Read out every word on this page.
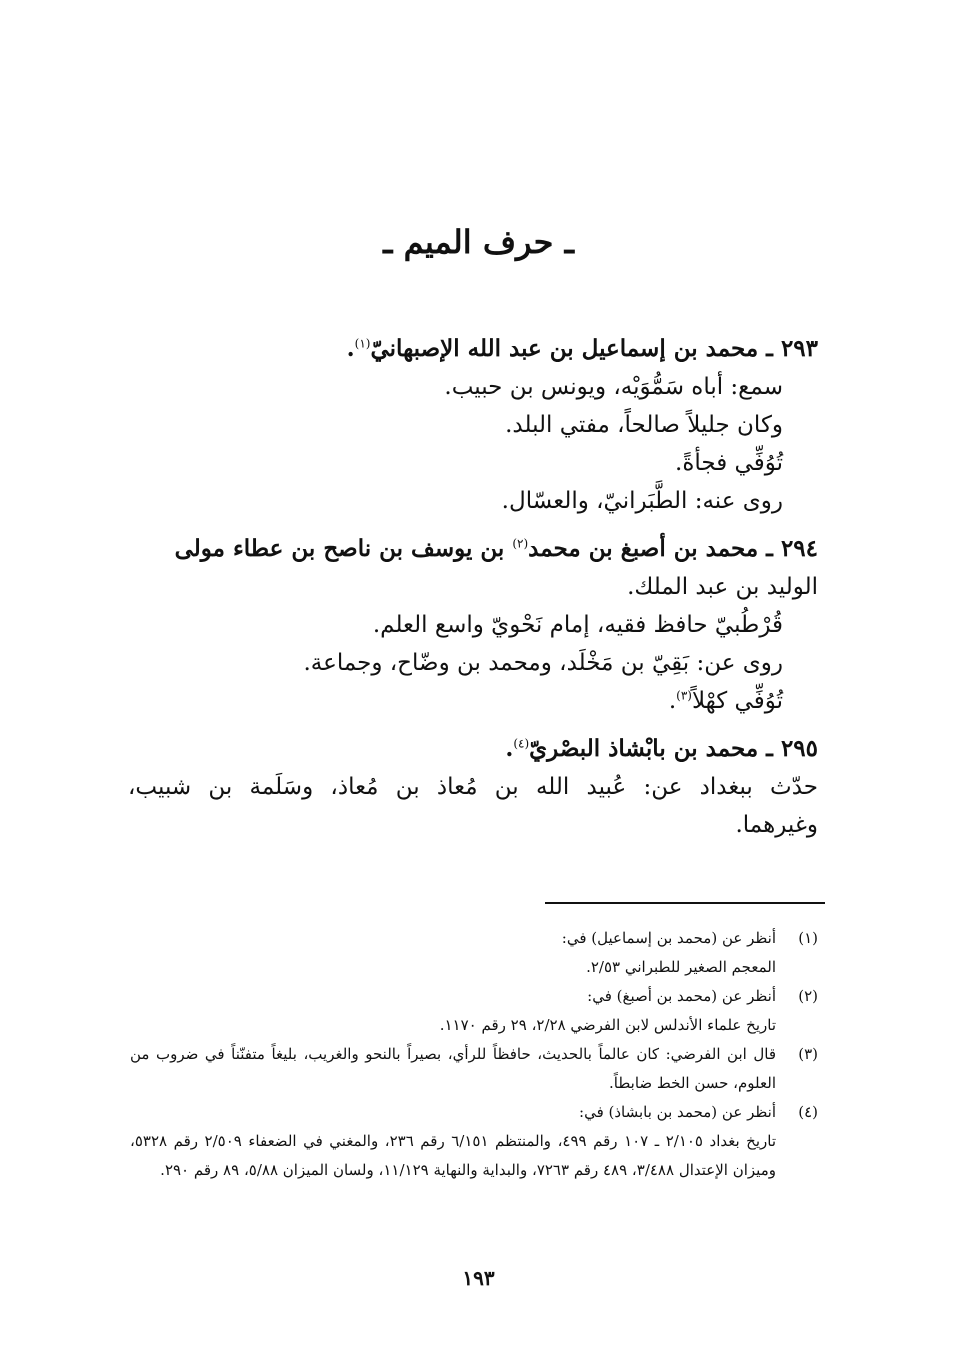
ـ حرف الميم ـ
٢٩٣ ـ محمد بن إسماعيل بن عبد الله الإصبهانيّ$^{(١)}$.
سمع: أباه سَمُّوَيْه، ويونس بن حبيب.
وكان جليلاً صالحاً، مفتي البلد.
تُوُفِّي فجأةً.
روى عنه: الطَّبَرانيّ، والعسّال.
٢٩٤ ـ محمد بن أصبغ بن محمد$^{(٢)}$ بن يوسف بن ناصح بن عطاء مولى
الوليد بن عبد الملك.
قُرْطُبيّ حافظ فقيه، إمام نَحْويّ واسع العلم.
روى عن: بَقِيّ بن مَخْلَد، ومحمد بن وضّاح، وجماعة.
تُوُفِّي كهْلاً$^{(٣)}$.
٢٩٥ ـ محمد بن بابْشاذ البصْريّ$^{(٤)}$.
حدّث ببغداد عن: عُبيد الله بن مُعاذ بن مُعاذ، وسَلَمة بن شبيب،
وغيرهما.
(١)
أنظر عن (محمد بن إسماعيل) في:
المعجم الصغير للطبراني ٢/٥٣.
(٢)
أنظر عن (محمد بن أصبغ) في:
تاريخ علماء الأندلس لابن الفرضي ٢/٢٨، ٢٩ رقم ١١٧٠.
(٣)
قال ابن الفرضي: كان عالماً بالحديث، حافظاً للرأي، بصيراً بالنحو والغريب، بليغاً متفنّناً في ضروب من العلوم، حسن الخط ضابطاً.
(٤)
أنظر عن (محمد بن بابشاذ) في:
تاريخ بغداد ٢/١٠٥ ـ ١٠٧ رقم ٤٩٩، والمنتظم ٦/١٥١ رقم ٢٣٦، والمغني في الضعفاء ٢/٥٠٩ رقم ٥٣٢٨، وميزان الإعتدال ٣/٤٨٨، ٤٨٩ رقم ٧٢٦٣، والبداية والنهاية ١١/١٢٩، ولسان الميزان ٥/٨٨، ٨٩ رقم ٢٩٠.
١٩٣
